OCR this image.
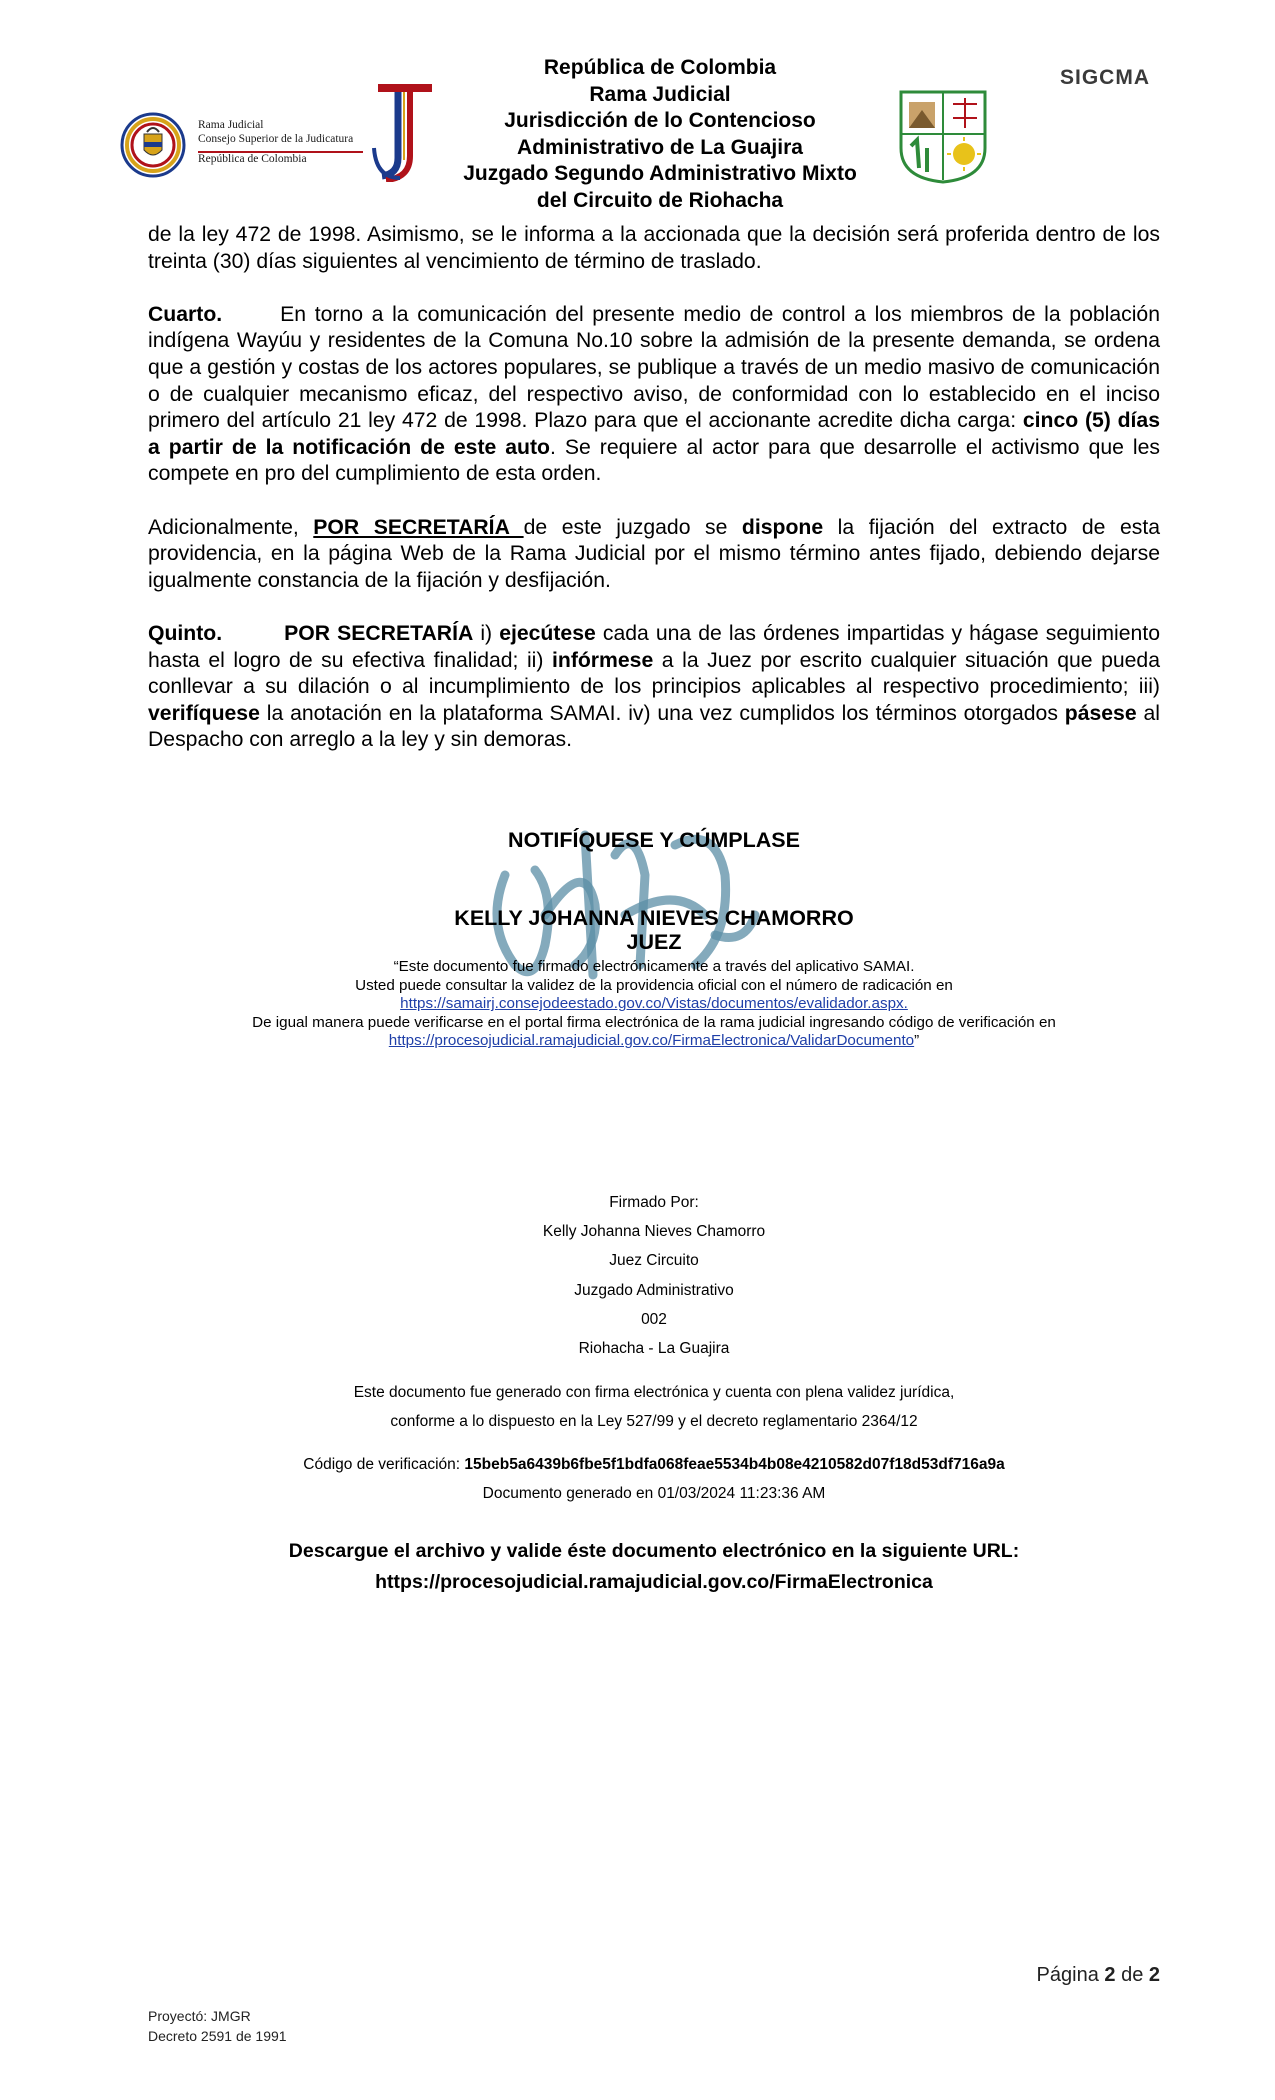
Rama Judicial
Consejo Superior de la Judicatura
República de Colombia
República de Colombia
Rama Judicial
Jurisdicción de lo Contencioso
Administrativo de La Guajira
Juzgado Segundo Administrativo Mixto
del Circuito de Riohacha
SIGCMA

de la ley 472 de 1998. Asimismo, se le informa a la accionada que la decisión será proferida dentro de los treinta (30) días siguientes al vencimiento de término de traslado.

Cuarto.	En torno a la comunicación del presente medio de control a los miembros de la población indígena Wayúu y residentes de la Comuna No.10 sobre la admisión de la presente demanda, se ordena que a gestión y costas de los actores populares, se publique a través de un medio masivo de comunicación o de cualquier mecanismo eficaz, del respectivo aviso, de conformidad con lo establecido en el inciso primero del artículo 21 ley 472 de 1998. Plazo para que el accionante acredite dicha carga: cinco (5) días a partir de la notificación de este auto. Se requiere al actor para que desarrolle el activismo que les compete en pro del cumplimiento de esta orden.

Adicionalmente, POR SECRETARÍA de este juzgado se dispone la fijación del extracto de esta providencia, en la página Web de la Rama Judicial por el mismo término antes fijado, debiendo dejarse igualmente constancia de la fijación y desfijación.

Quinto.	POR SECRETARÍA i) ejecútese cada una de las órdenes impartidas y hágase seguimiento hasta el logro de su efectiva finalidad; ii) infórmese a la Juez por escrito cualquier situación que pueda conllevar a su dilación o al incumplimiento de los principios aplicables al respectivo procedimiento; iii) verifíquese la anotación en la plataforma SAMAI. iv) una vez cumplidos los términos otorgados pásese al Despacho con arreglo a la ley y sin demoras.

NOTIFÍQUESE Y CÚMPLASE
KELLY JOHANNA NIEVES CHAMORRO
JUEZ
“Este documento fue firmado electrónicamente a través del aplicativo SAMAI.
Usted puede consultar la validez de la providencia oficial con el número de radicación en
https://samairj.consejodeestado.gov.co/Vistas/documentos/evalidador.aspx.
De igual manera puede verificarse en el portal firma electrónica de la rama judicial ingresando código de verificación en
https://procesojudicial.ramajudicial.gov.co/FirmaElectronica/ValidarDocumento”
Firmado Por:
Kelly Johanna Nieves Chamorro
Juez Circuito
Juzgado Administrativo
002
Riohacha - La Guajira
Este documento fue generado con firma electrónica y cuenta con plena validez jurídica,
conforme a lo dispuesto en la Ley 527/99 y el decreto reglamentario 2364/12
Código de verificación: 15beb5a6439b6fbe5f1bdfa068feae5534b4b08e4210582d07f18d53df716a9a
Documento generado en 01/03/2024 11:23:36 AM
Descargue el archivo y valide éste documento electrónico en la siguiente URL:
https://procesojudicial.ramajudicial.gov.co/FirmaElectronica
Página 2 de 2
Proyectó: JMGR
Decreto 2591 de 1991
